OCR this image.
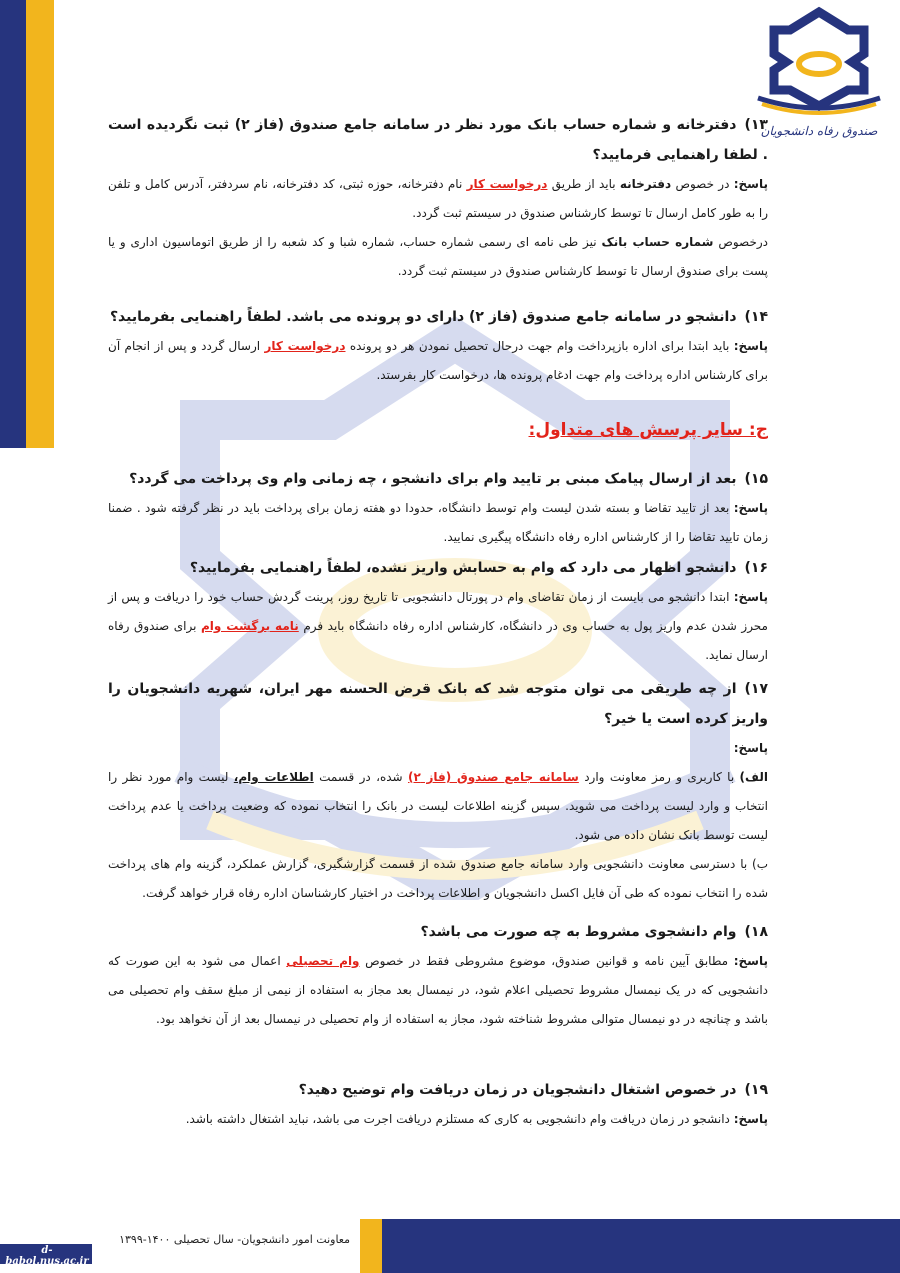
صندوق رفاه دانشجویان

۱۳)دفترخانه و شماره حساب بانک مورد نظر در سامانه جامع صندوق (فاز ۲) ثبت نگردیده است . لطفا راهنمایی فرمایید؟

پاسخ: در خصوص دفترخانه باید از طریق درخواست کار نام دفترخانه، حوزه ثبتی، کد دفترخانه، نام سردفتر، آدرس کامل و تلفن را به طور کامل ارسال تا توسط کارشناس صندوق در سیستم ثبت گردد.

درخصوص شماره حساب بانک نیز طی نامه ای رسمی شماره حساب، شماره شبا و کد شعبه را از طریق اتوماسیون اداری و یا پست برای صندوق ارسال تا توسط کارشناس صندوق در سیستم ثبت گردد.

۱۴)دانشجو در سامانه جامع صندوق (فاز ۲) دارای دو پرونده می باشد. لطفاً راهنمایی بفرمایید؟

پاسخ: باید ابتدا برای اداره بازپرداخت وام جهت درحال تحصیل نمودن هر دو پرونده درخواست کار ارسال گردد و پس از انجام آن برای کارشناس اداره پرداخت وام جهت ادغام پرونده ها، درخواست کار بفرستد.

ج: سایر پرسش های متداول:

۱۵)بعد از ارسال پیامک مبنی بر تایید وام برای دانشجو ، چه زمانی وام وی پرداخت می گردد؟

پاسخ: بعد از تایید تقاضا و بسته شدن لیست وام توسط دانشگاه، حدودا دو هفته زمان برای پرداخت باید در نظر گرفته شود . ضمنا زمان تایید تقاضا را از کارشناس اداره رفاه دانشگاه پیگیری نمایید.

۱۶)دانشجو اظهار می دارد که وام به حسابش واریز نشده، لطفاً راهنمایی بفرمایید؟

پاسخ: ابتدا دانشجو می بایست از زمان تقاضای وام در پورتال دانشجویی تا تاریخ روز، پرینت گردش حساب خود را دریافت و پس از محرز شدن عدم واریز پول به حساب وی در دانشگاه، کارشناس اداره رفاه دانشگاه باید فرم نامه برگشت وام برای صندوق رفاه ارسال نماید.

۱۷)از چه طریقی می توان متوجه شد که بانک قرض الحسنه مهر ایران، شهریه دانشجویان را واریز کرده است یا خیر؟

پاسخ:

الف) با کاربری و رمز معاونت وارد سامانه جامع صندوق (فاز ۲) شده، در قسمت اطلاعات وام، لیست وام مورد نظر را انتخاب و وارد لیست پرداخت می شوید. سپس گزینه اطلاعات لیست در بانک را انتخاب نموده که وضعیت پرداخت یا عدم پرداخت لیست توسط بانک نشان داده می شود.

ب) با دسترسی معاونت دانشجویی وارد سامانه جامع صندوق شده از قسمت گزارشگیری، گزارش عملکرد، گزینه وام های پرداخت شده را انتخاب نموده که طی آن فایل اکسل دانشجویان و اطلاعات پرداخت در اختیار کارشناسان اداره رفاه قرار خواهد گرفت.

۱۸)وام دانشجوی مشروط به چه صورت می باشد؟

پاسخ: مطابق آیین نامه و قوانین صندوق، موضوع مشروطی فقط در خصوص وام تحصیلی اعمال می شود به این صورت که دانشجویی که در یک نیمسال مشروط تحصیلی اعلام شود، در نیمسال بعد مجاز به استفاده از نیمی از مبلغ سقف وام تحصیلی می باشد و چنانچه در دو نیمسال متوالی مشروط شناخته شود، مجاز به استفاده از وام تحصیلی در نیمسال بعد از آن نخواهد بود.

۱۹)در خصوص اشتغال دانشجویان در زمان دریافت وام توضیح دهید؟

پاسخ: دانشجو در زمان دریافت وام دانشجویی به کاری که مستلزم دریافت اجرت می باشد، نباید اشتغال داشته باشد.

معاونت امور دانشجویان- سال تحصیلی ۱۴۰۰-۱۳۹۹
d-babol.nus.ac.ir
